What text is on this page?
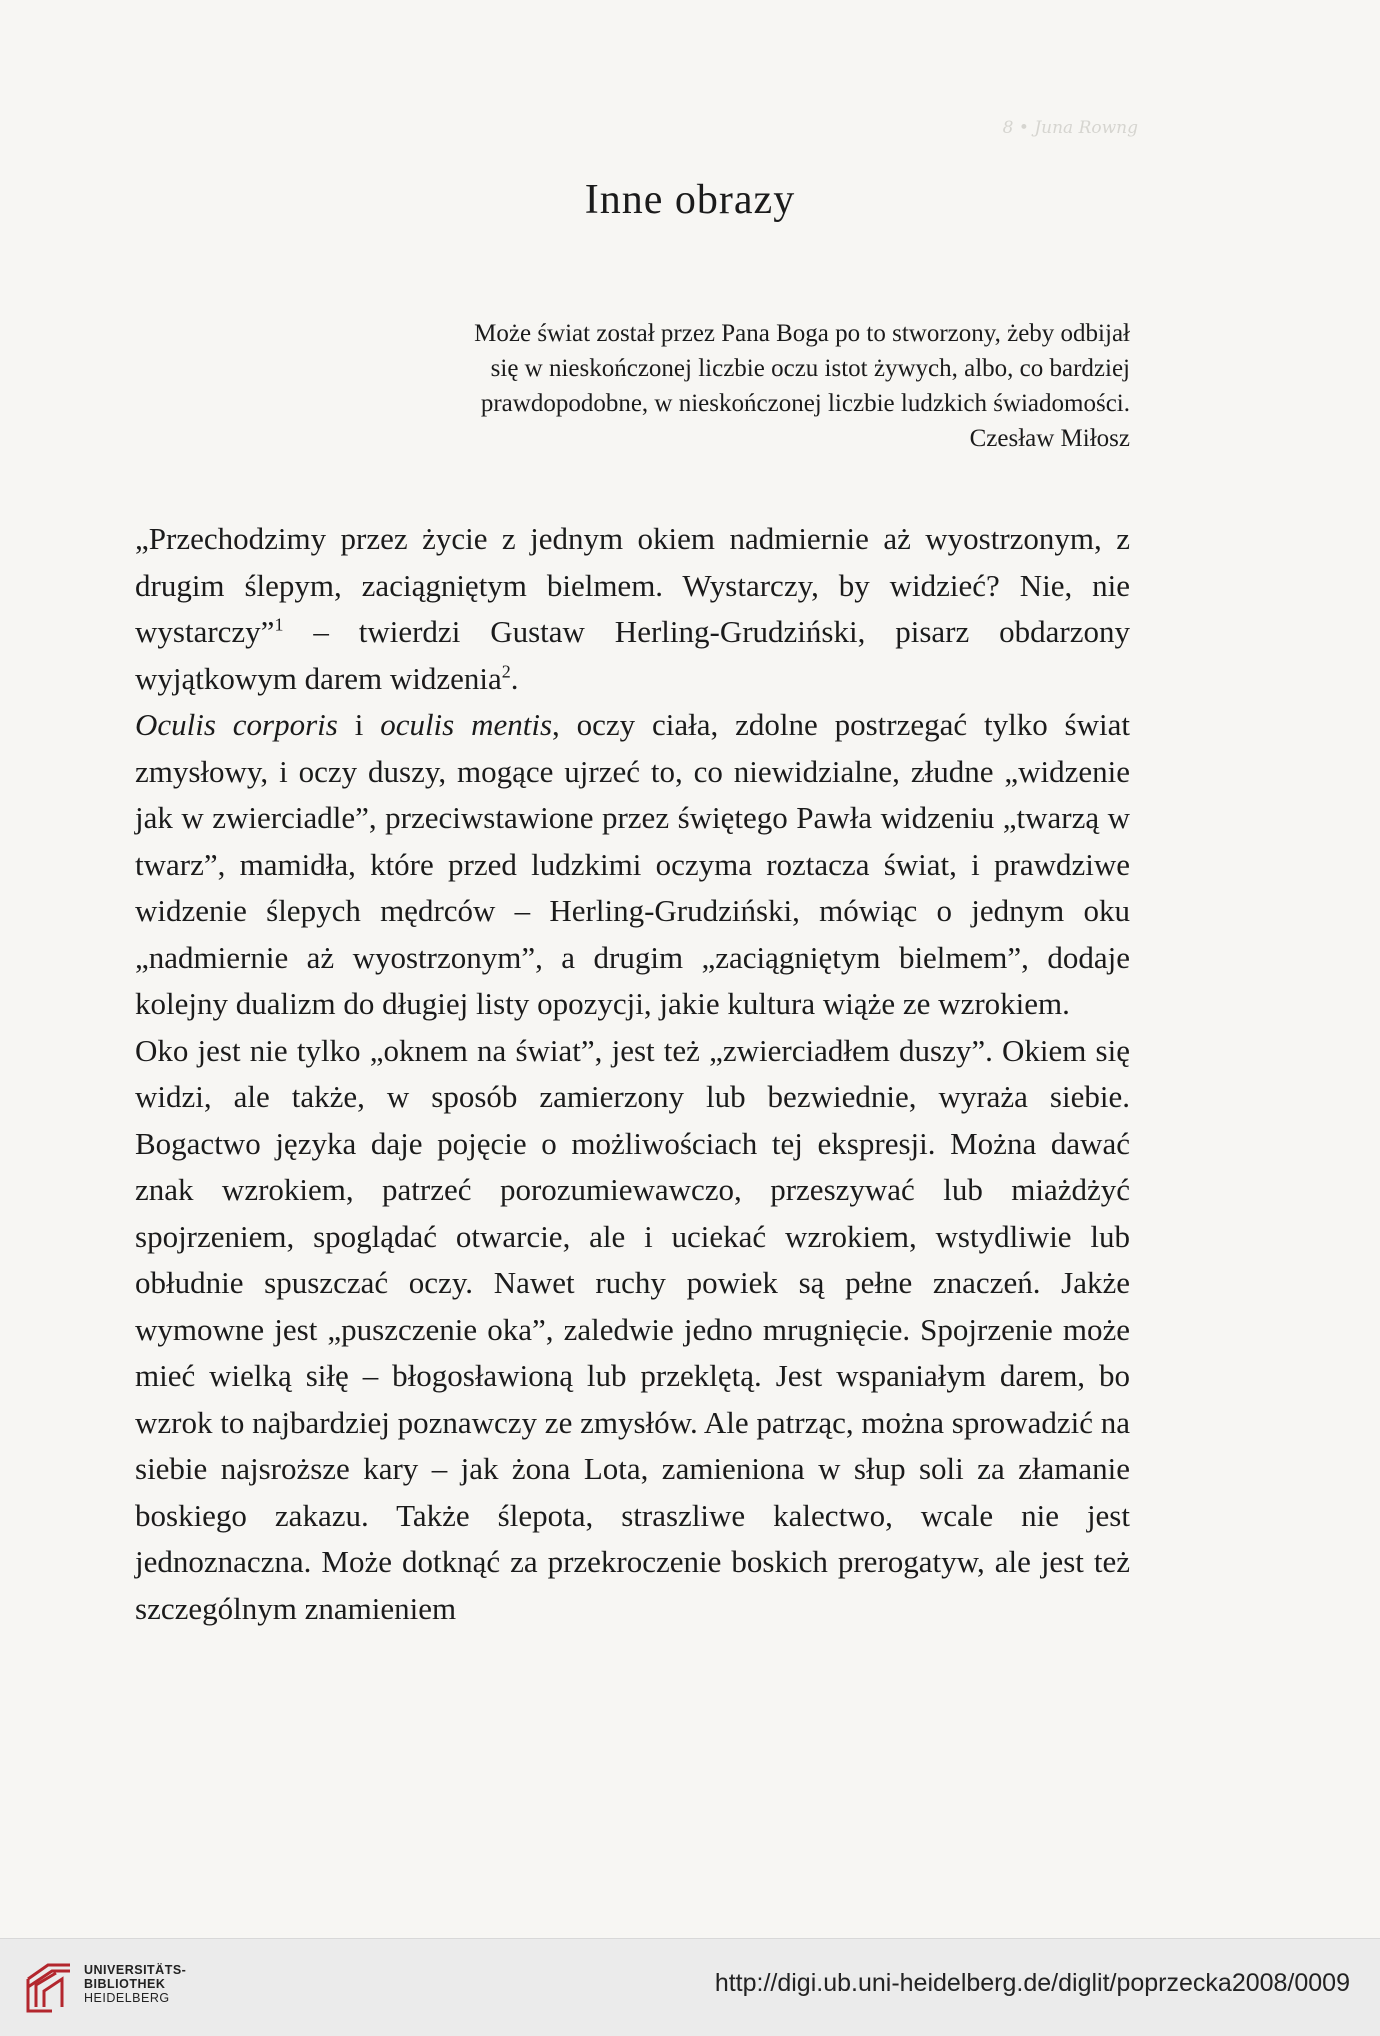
8 • Juna Rowng
Inne obrazy

Może świat został przez Pana Boga po to stworzony, żeby odbijał

się w nieskończonej liczbie oczu istot żywych, albo, co bardziej

prawdopodobne, w nieskończonej liczbie ludzkich świadomości.

Czesław Miłosz

„Przechodzimy przez życie z jednym okiem nadmiernie aż wyostrzonym, z drugim ślepym, zaciągniętym bielmem. Wystarczy, by widzieć? Nie, nie wystarczy”$^1$ – twierdzi Gustaw Herling-Grudziński, pisarz obdarzony wyjątkowym darem widzenia$^2$.

Oculis corporis i oculis mentis, oczy ciała, zdolne postrzegać tylko świat zmysłowy, i oczy duszy, mogące ujrzeć to, co niewidzialne, złudne „widzenie jak w zwierciadle”, przeciwstawione przez świętego Pawła widzeniu „twarzą w twarz”, mamidła, które przed ludzkimi oczyma roztacza świat, i prawdziwe widzenie ślepych mędrców – Herling-Grudziński, mówiąc o jednym oku „nadmiernie aż wyostrzonym”, a drugim „zaciągniętym bielmem”, dodaje kolejny dualizm do długiej listy opozycji, jakie kultura wiąże ze wzrokiem.

Oko jest nie tylko „oknem na świat”, jest też „zwierciadłem duszy”. Okiem się widzi, ale także, w sposób zamierzony lub bezwiednie, wyraża siebie. Bogactwo języka daje pojęcie o możliwościach tej ekspresji. Można dawać znak wzrokiem, patrzeć porozumiewawczo, przeszywać lub miażdżyć spojrzeniem, spoglądać otwarcie, ale i uciekać wzrokiem, wstydliwie lub obłudnie spuszczać oczy. Nawet ruchy powiek są pełne znaczeń. Jakże wymowne jest „puszczenie oka”, zaledwie jedno mrugnięcie. Spojrzenie może mieć wielką siłę – błogosławioną lub przeklętą. Jest wspaniałym darem, bo wzrok to najbardziej poznawczy ze zmysłów. Ale patrząc, można sprowadzić na siebie najsroższe kary – jak żona Lota, zamieniona w słup soli za złamanie boskiego zakazu. Także ślepota, straszliwe kalectwo, wcale nie jest jednoznaczna. Może dotknąć za przekroczenie boskich prerogatyw, ale jest też szczególnym znamieniem

UNIVERSITÄTS-
BIBLIOTHEK
HEIDELBERG
http://digi.ub.uni-heidelberg.de/diglit/poprzecka2008/0009
